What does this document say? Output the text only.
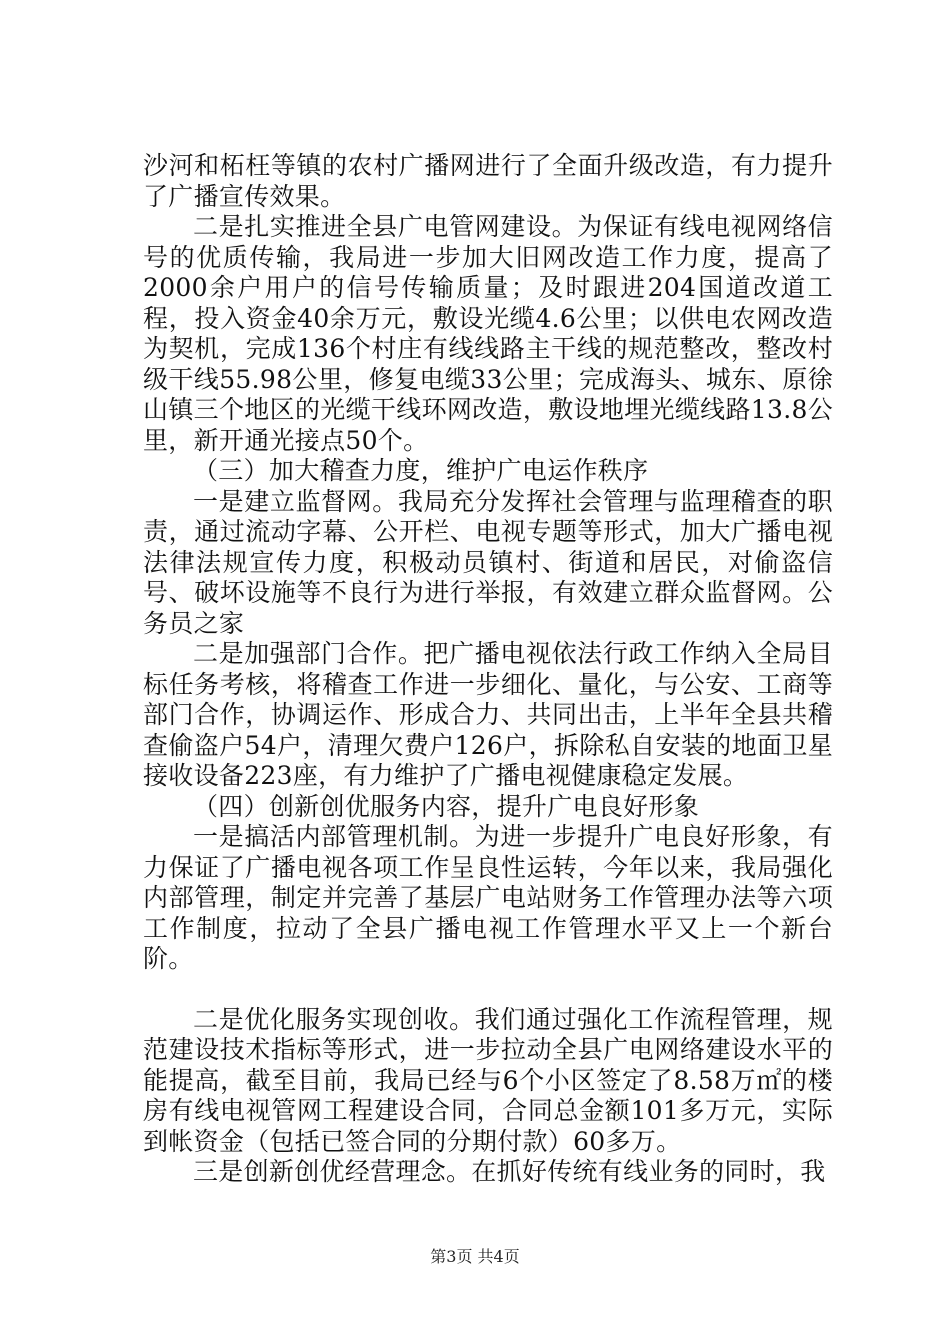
沙河和柘枉等镇的农村广播网进行了全面升级改造，有力提升了广播宣传效果。

二是扎实推进全县广电管网建设。为保证有线电视网络信号的优质传输，我局进一步加大旧网改造工作力度，提高了2000余户用户的信号传输质量；及时跟进204国道改道工程，投入资金40余万元，敷设光缆4.6公里；以供电农网改造为契机，完成136个村庄有线线路主干线的规范整改，整改村级干线55.98公里，修复电缆33公里；完成海头、城东、原徐山镇三个地区的光缆干线环网改造，敷设地埋光缆线路13.8公里，新开通光接点50个。

（三）加大稽查力度，维护广电运作秩序

一是建立监督网。我局充分发挥社会管理与监理稽查的职责，通过流动字幕、公开栏、电视专题等形式，加大广播电视法律法规宣传力度，积极动员镇村、街道和居民，对偷盗信号、破坏设施等不良行为进行举报，有效建立群众监督网。公务员之家

二是加强部门合作。把广播电视依法行政工作纳入全局目标任务考核，将稽查工作进一步细化、量化，与公安、工商等部门合作，协调运作、形成合力、共同出击，上半年全县共稽查偷盗户54户，清理欠费户126户，拆除私自安装的地面卫星接收设备223座，有力维护了广播电视健康稳定发展。

（四）创新创优服务内容，提升广电良好形象

一是搞活内部管理机制。为进一步提升广电良好形象，有力保证了广播电视各项工作呈良性运转，今年以来，我局强化内部管理，制定并完善了基层广电站财务工作管理办法等六项工作制度，拉动了全县广播电视工作管理水平又上一个新台阶。

二是优化服务实现创收。我们通过强化工作流程管理，规范建设技术指标等形式，进一步拉动全县广电网络建设水平的能提高，截至目前，我局已经与6个小区签定了8.58万㎡的楼房有线电视管网工程建设合同，合同总金额101多万元，实际到帐资金（包括已签合同的分期付款）60多万。

三是创新创优经营理念。在抓好传统有线业务的同时，我

第3页 共4页
